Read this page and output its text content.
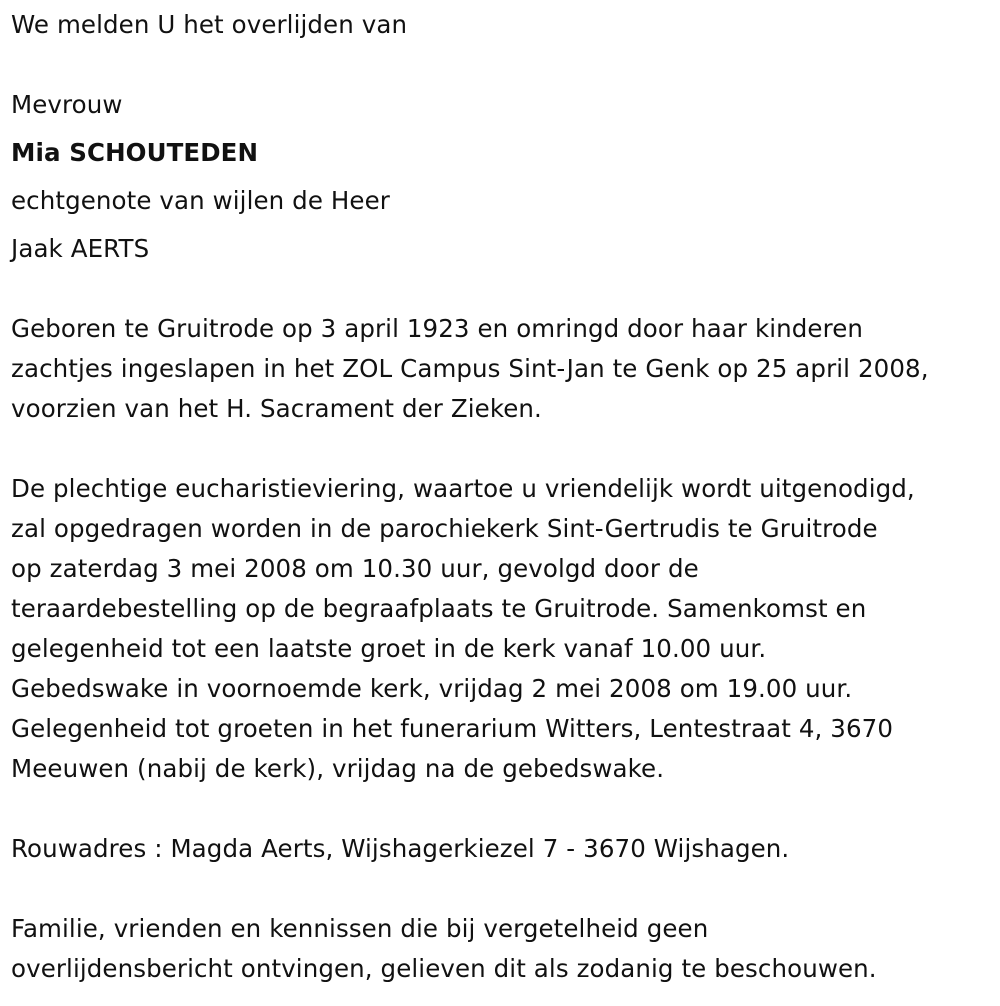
We melden U het overlijden van
Mevrouw
Mia SCHOUTEDEN
echtgenote van wijlen de Heer
Jaak AERTS
Geboren te Gruitrode op 3 april 1923 en omringd door haar kinderen
zachtjes ingeslapen in het ZOL Campus Sint-Jan te Genk op 25 april 2008,
voorzien van het H. Sacrament der Zieken.
De plechtige eucharistieviering, waartoe u vriendelijk wordt uitgenodigd,
zal opgedragen worden in de parochiekerk Sint-Gertrudis te Gruitrode
op zaterdag 3 mei 2008 om 10.30 uur, gevolgd door de
teraardebestelling op de begraafplaats te Gruitrode. Samenkomst en
gelegenheid tot een laatste groet in de kerk vanaf 10.00 uur.
Gebedswake in voornoemde kerk, vrijdag 2 mei 2008 om 19.00 uur.
Gelegenheid tot groeten in het funerarium Witters, Lentestraat 4, 3670
Meeuwen (nabij de kerk), vrijdag na de gebedswake.
Rouwadres : Magda Aerts, Wijshagerkiezel 7 - 3670 Wijshagen.
Familie, vrienden en kennissen die bij vergetelheid geen
overlijdensbericht ontvingen, gelieven dit als zodanig te beschouwen.
